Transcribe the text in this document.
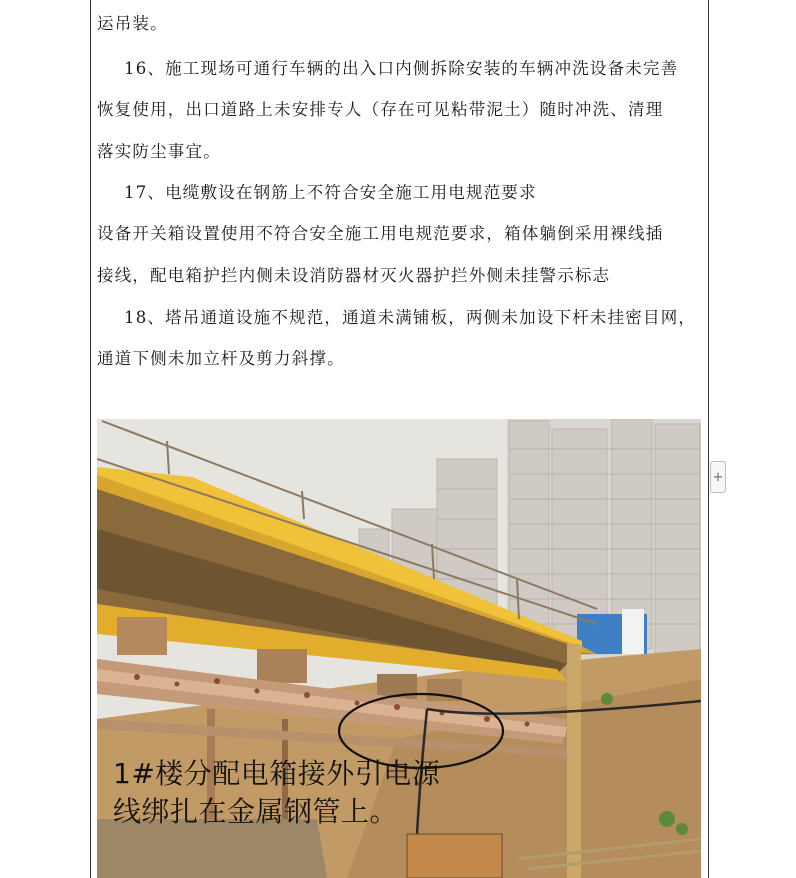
运吊装。
16、施工现场可通行车辆的出入口内侧拆除安装的车辆冲洗设备未完善
恢复使用，出口道路上未安排专人（存在可见粘带泥土）随时冲洗、清理
落实防尘事宜。
17、电缆敷设在钢筋上不符合安全施工用电规范要求
设备开关箱设置使用不符合安全施工用电规范要求，箱体躺倒采用裸线插
接线，配电箱护拦内侧未设消防器材灭火器护拦外侧未挂警示标志
18、塔吊通道设施不规范，通道未满铺板，两侧未加设下杆未挂密目网，
通道下侧未加立杆及剪力斜撑。
1#楼分配电箱接外引电源
线绑扎在金属钢管上。
+
